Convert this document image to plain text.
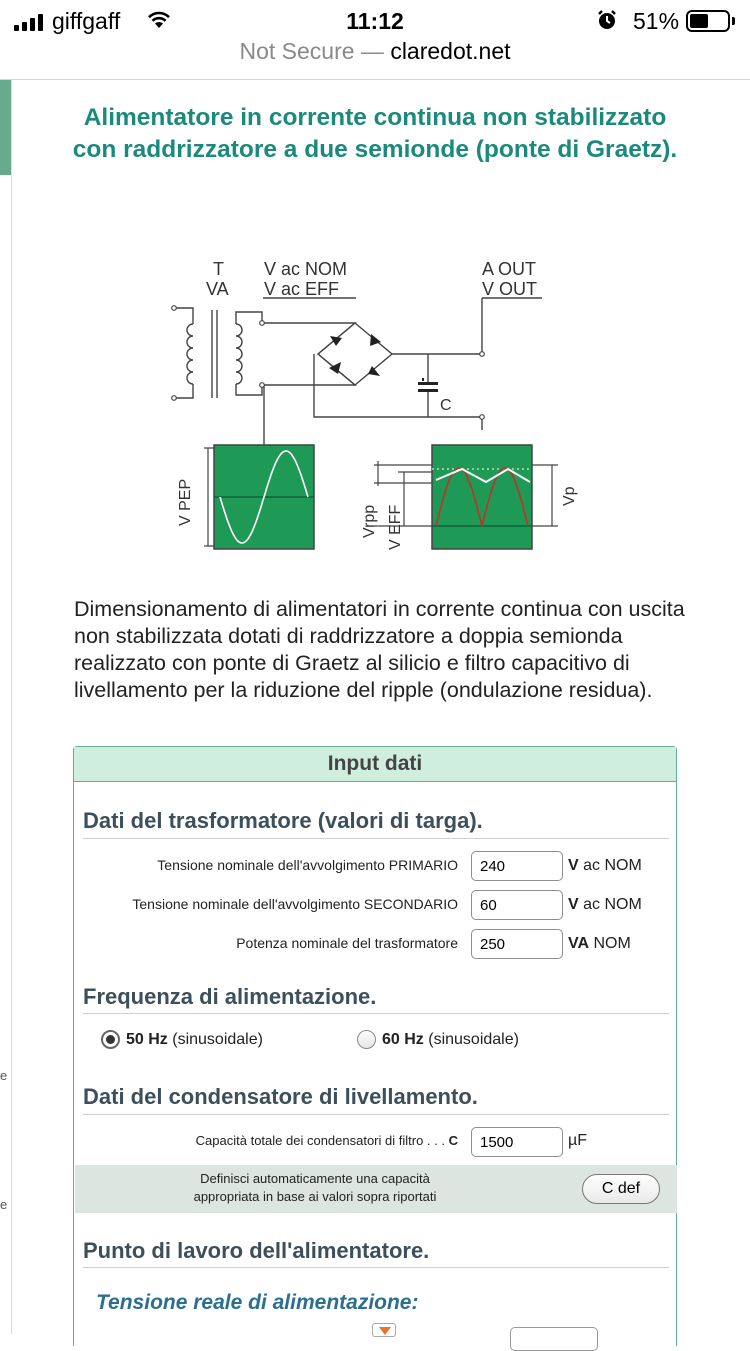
giffgaff	11:12	51%
Not Secure — claredot.net
e
e
Alimentatore in corrente continua non stabilizzato con raddrizzatore a due semionde (ponte di Graetz).
C
T
VA
V ac NOM
V ac EFF
A OUT
V OUT
V PEP	Vrpp V EFF
Vp
Dimensionamento di alimentatori in corrente continua con uscita non stabilizzata dotati di raddrizzatore a doppia semionda realizzato con ponte di Graetz al silicio e filtro capacitivo di livellamento per la riduzione del ripple (ondulazione residua).
Input dati
Dati del trasformatore (valori di targa).
Tensione nominale dell'avvolgimento PRIMARIO
240	V ac NOM
Tensione nominale dell'avvolgimento SECONDARIO
60	V ac NOM
Potenza nominale del trasformatore
250	VA NOM
Frequenza di alimentazione.
50 Hz (sinusoidale)	60 Hz (sinusoidale)
Dati del condensatore di livellamento.
Capacità totale dei condensatori di filtro . . . C
1500	µF
Definisci automaticamente una capacità
appropriata in base ai valori sopra riportati	C def
Punto di lavoro dell'alimentatore.
Tensione reale di alimentazione:
